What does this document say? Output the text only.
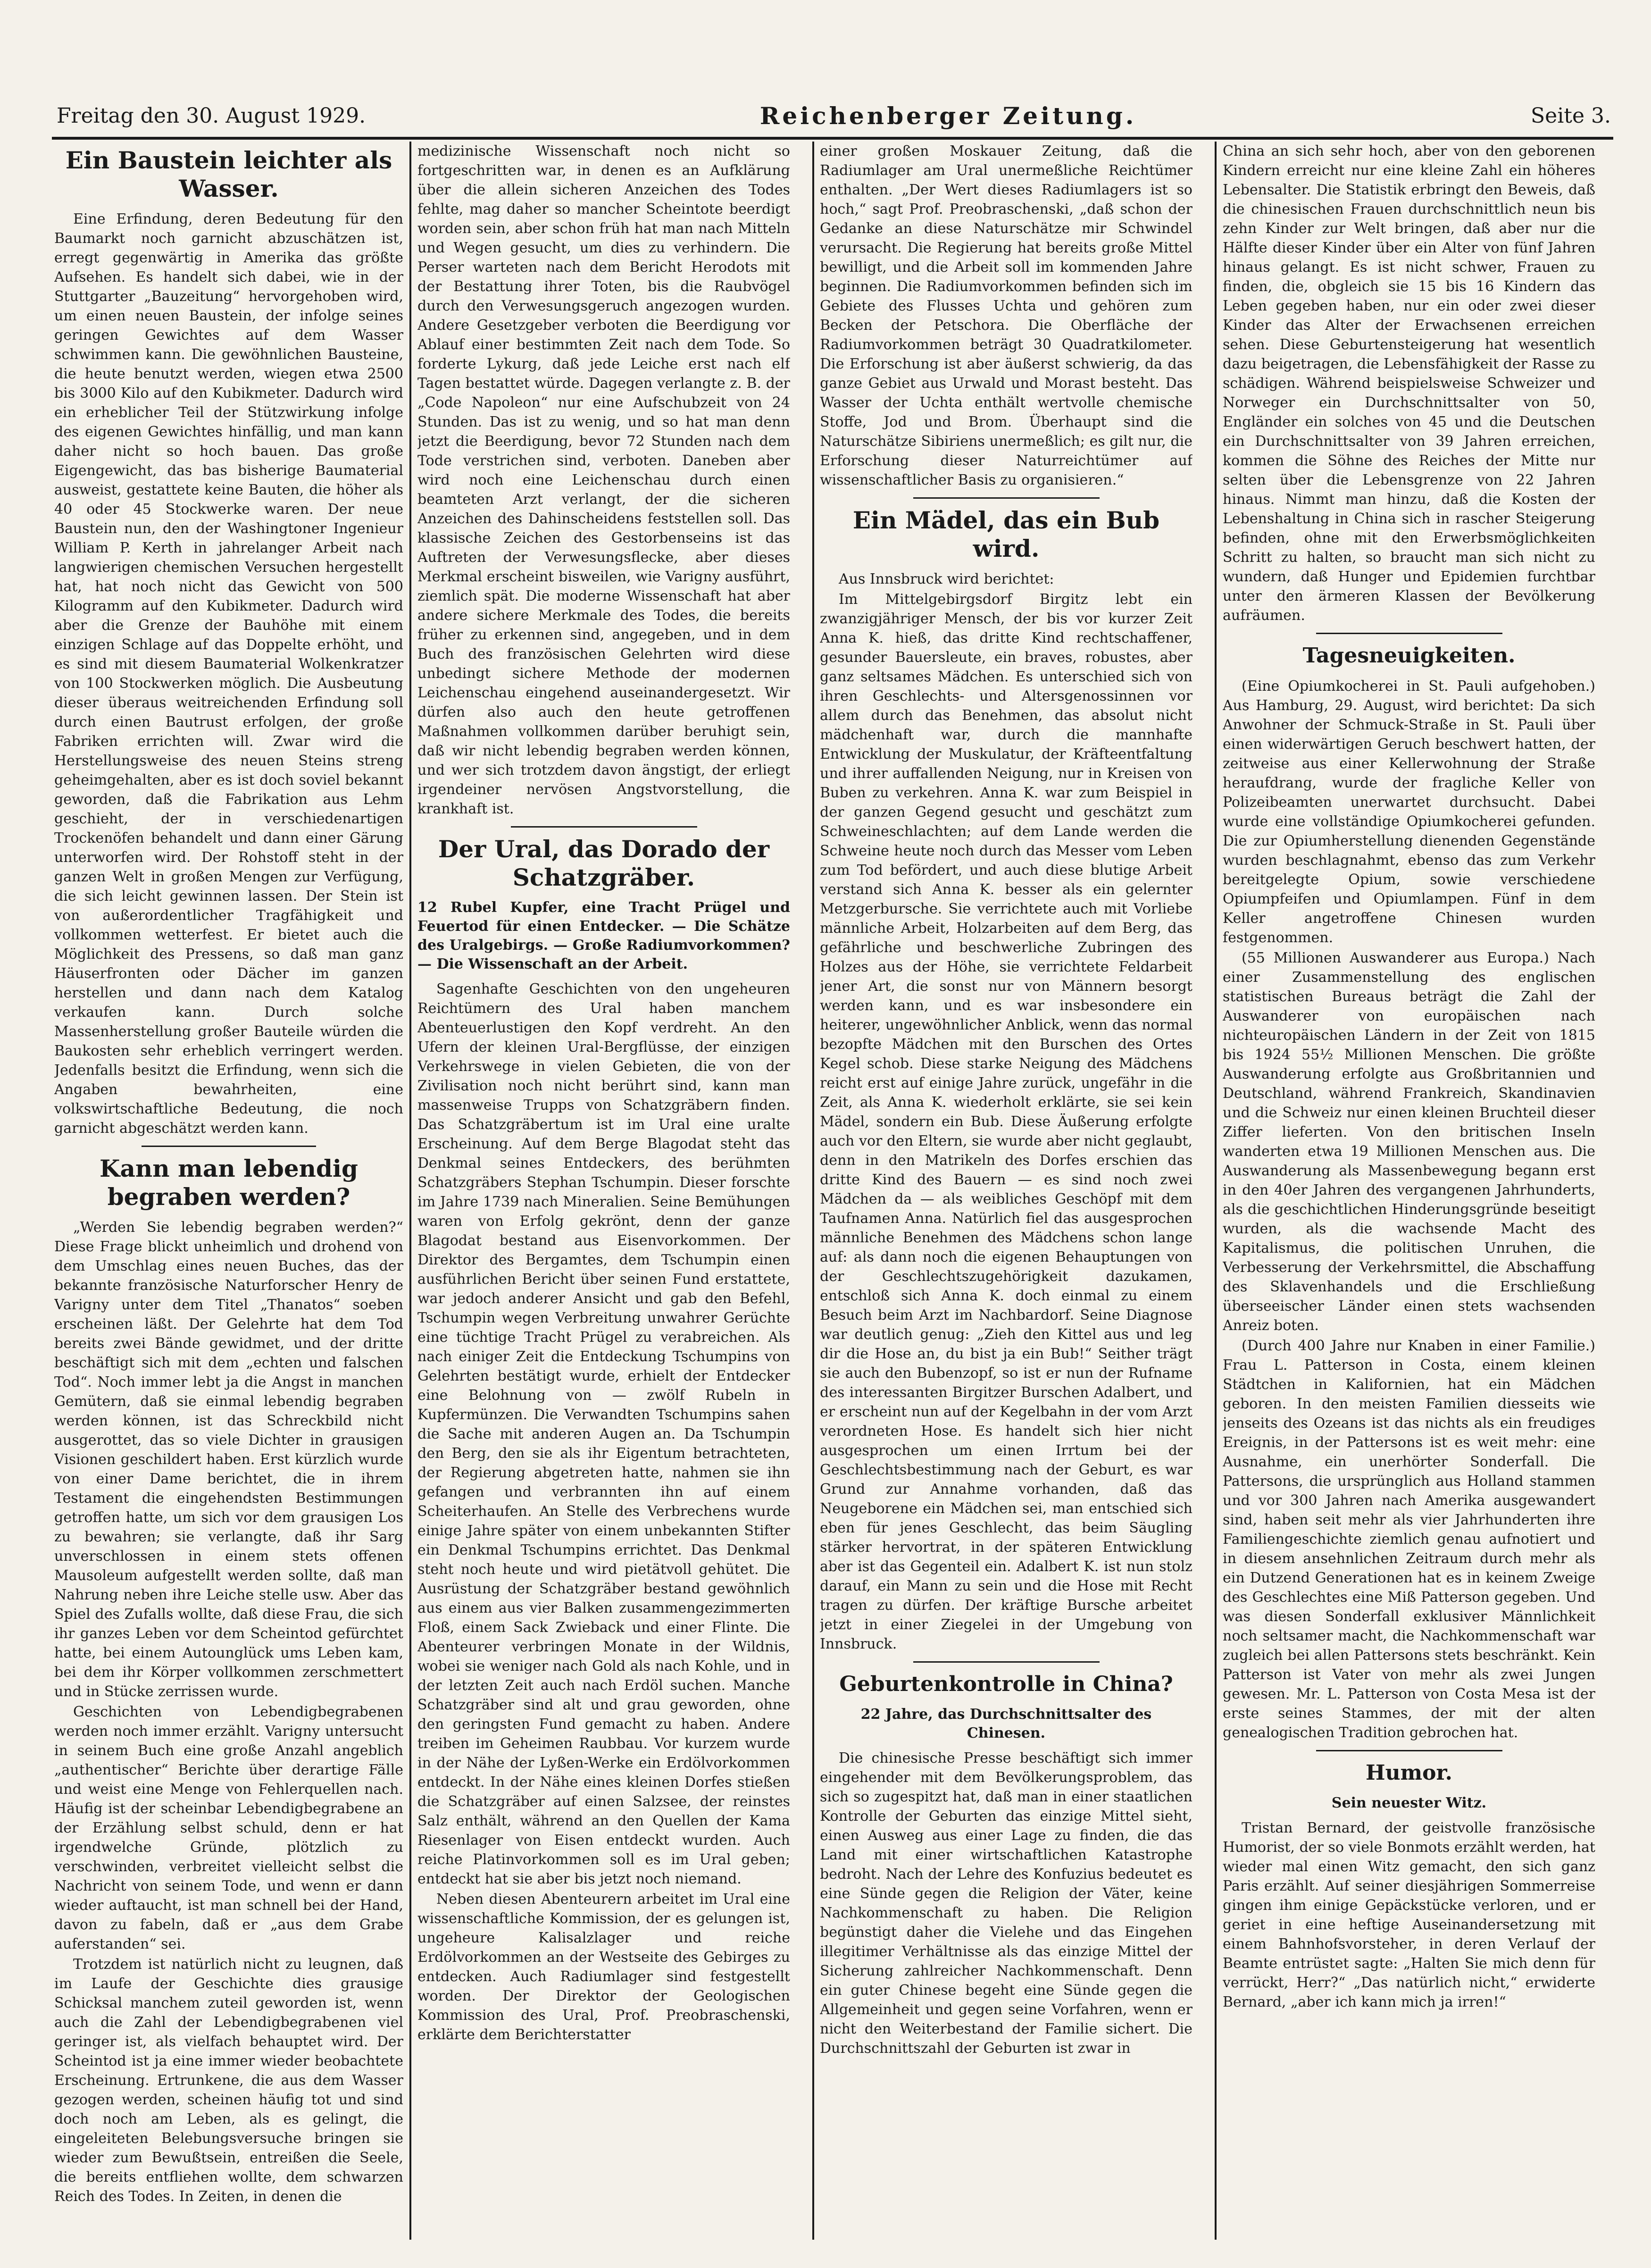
Freitag den 30. August 1929.	Reichenberger Zeitung.	Seite 3.
Ein Baustein leichter als Wasser.

Eine Erfindung, deren Bedeutung für den Baumarkt noch garnicht abzuschätzen ist, erregt gegenwärtig in Amerika das größte Aufsehen. Es handelt sich dabei, wie in der Stuttgarter „Bauzeitung“ hervorgehoben wird, um einen neuen Baustein, der infolge seines geringen Gewichtes auf dem Wasser schwimmen kann. Die gewöhnlichen Bausteine, die heute benutzt werden, wiegen etwa 2500 bis 3000 Kilo auf den Kubikmeter. Dadurch wird ein erheblicher Teil der Stützwirkung infolge des eigenen Gewichtes hinfällig, und man kann daher nicht so hoch bauen. Das große Eigengewicht, das bas bisherige Baumaterial ausweist, gestattete keine Bauten, die höher als 40 oder 45 Stockwerke waren. Der neue Baustein nun, den der Washingtoner Ingenieur William P. Kerth in jahrelanger Arbeit nach langwierigen chemischen Versuchen hergestellt hat, hat noch nicht das Gewicht von 500 Kilogramm auf den Kubikmeter. Dadurch wird aber die Grenze der Bauhöhe mit einem einzigen Schlage auf das Doppelte erhöht, und es sind mit diesem Baumaterial Wolkenkratzer von 100 Stockwerken möglich. Die Ausbeutung dieser überaus weitreichenden Erfindung soll durch einen Bautrust erfolgen, der große Fabriken errichten will. Zwar wird die Herstellungsweise des neuen Steins streng geheimgehalten, aber es ist doch soviel bekannt geworden, daß die Fabrikation aus Lehm geschieht, der in verschiedenartigen Trockenöfen behandelt und dann einer Gärung unterworfen wird. Der Rohstoff steht in der ganzen Welt in großen Mengen zur Verfügung, die sich leicht gewinnen lassen. Der Stein ist von außerordentlicher Tragfähigkeit und vollkommen wetterfest. Er bietet auch die Möglichkeit des Pressens, so daß man ganz Häuserfronten oder Dächer im ganzen herstellen und dann nach dem Katalog verkaufen kann. Durch solche Massenherstellung großer Bauteile würden die Baukosten sehr erheblich verringert werden. Jedenfalls besitzt die Erfindung, wenn sich die Angaben bewahrheiten, eine volkswirtschaftliche Bedeutung, die noch garnicht abgeschätzt werden kann.

Kann man lebendig begraben werden?

„Werden Sie lebendig begraben werden?“ Diese Frage blickt unheimlich und drohend von dem Umschlag eines neuen Buches, das der bekannte französische Naturforscher Henry de Varigny unter dem Titel „Thanatos“ soeben erscheinen läßt. Der Gelehrte hat dem Tod bereits zwei Bände gewidmet, und der dritte beschäftigt sich mit dem „echten und falschen Tod“. Noch immer lebt ja die Angst in manchen Gemütern, daß sie einmal lebendig begraben werden können, ist das Schreckbild nicht ausgerottet, das so viele Dichter in grausigen Visionen geschildert haben. Erst kürzlich wurde von einer Dame berichtet, die in ihrem Testament die eingehendsten Bestimmungen getroffen hatte, um sich vor dem grausigen Los zu bewahren; sie verlangte, daß ihr Sarg unverschlossen in einem stets offenen Mausoleum aufgestellt werden sollte, daß man Nahrung neben ihre Leiche stelle usw. Aber das Spiel des Zufalls wollte, daß diese Frau, die sich ihr ganzes Leben vor dem Scheintod gefürchtet hatte, bei einem Autounglück ums Leben kam, bei dem ihr Körper vollkommen zerschmettert und in Stücke zerrissen wurde.

Geschichten von Lebendigbegrabenen werden noch immer erzählt. Varigny untersucht in seinem Buch eine große Anzahl angeblich „authentischer“ Berichte über derartige Fälle und weist eine Menge von Fehlerquellen nach. Häufig ist der scheinbar Lebendigbegrabene an der Erzählung selbst schuld, denn er hat irgendwelche Gründe, plötzlich zu verschwinden, verbreitet vielleicht selbst die Nachricht von seinem Tode, und wenn er dann wieder auftaucht, ist man schnell bei der Hand, davon zu fabeln, daß er „aus dem Grabe auferstanden“ sei.

Trotzdem ist natürlich nicht zu leugnen, daß im Laufe der Geschichte dies grausige Schicksal manchem zuteil geworden ist, wenn auch die Zahl der Lebendigbegrabenen viel geringer ist, als vielfach behauptet wird. Der Scheintod ist ja eine immer wieder beobachtete Erscheinung. Ertrunkene, die aus dem Wasser gezogen werden, scheinen häufig tot und sind doch noch am Leben, als es gelingt, die eingeleiteten Belebungsversuche bringen sie wieder zum Bewußtsein, entreißen die Seele, die bereits entfliehen wollte, dem schwarzen Reich des Todes. In Zeiten, in denen die

medizinische Wissenschaft noch nicht so fortgeschritten war, in denen es an Aufklärung über die allein sicheren Anzeichen des Todes fehlte, mag daher so mancher Scheintote beerdigt worden sein, aber schon früh hat man nach Mitteln und Wegen gesucht, um dies zu verhindern. Die Perser warteten nach dem Bericht Herodots mit der Bestattung ihrer Toten, bis die Raubvögel durch den Verwesungsgeruch angezogen wurden. Andere Gesetzgeber verboten die Beerdigung vor Ablauf einer bestimmten Zeit nach dem Tode. So forderte Lykurg, daß jede Leiche erst nach elf Tagen bestattet würde. Dagegen verlangte z. B. der „Code Napoleon“ nur eine Aufschubzeit von 24 Stunden. Das ist zu wenig, und so hat man denn jetzt die Beerdigung, bevor 72 Stunden nach dem Tode verstrichen sind, verboten. Daneben aber wird noch eine Leichenschau durch einen beamteten Arzt verlangt, der die sicheren Anzeichen des Dahinscheidens feststellen soll. Das klassische Zeichen des Gestorbenseins ist das Auftreten der Verwesungsflecke, aber dieses Merkmal erscheint bisweilen, wie Varigny ausführt, ziemlich spät. Die moderne Wissenschaft hat aber andere sichere Merkmale des Todes, die bereits früher zu erkennen sind, angegeben, und in dem Buch des französischen Gelehrten wird diese unbedingt sichere Methode der modernen Leichenschau eingehend auseinandergesetzt. Wir dürfen also auch den heute getroffenen Maßnahmen vollkommen darüber beruhigt sein, daß wir nicht lebendig begraben werden können, und wer sich trotzdem davon ängstigt, der erliegt irgendeiner nervösen Angstvorstellung, die krankhaft ist.

Der Ural, das Dorado der Schatzgräber.
12 Rubel Kupfer, eine Tracht Prügel und Feuertod für einen Entdecker. — Die Schätze des Uralgebirgs. — Große Radiumvorkommen? — Die Wissenschaft an der Arbeit.

Sagenhafte Geschichten von den ungeheuren Reichtümern des Ural haben manchem Abenteuerlustigen den Kopf verdreht. An den Ufern der kleinen Ural-Bergflüsse, der einzigen Verkehrswege in vielen Gebieten, die von der Zivilisation noch nicht berührt sind, kann man massenweise Trupps von Schatzgräbern finden. Das Schatzgräbertum ist im Ural eine uralte Erscheinung. Auf dem Berge Blagodat steht das Denkmal seines Entdeckers, des berühmten Schatzgräbers Stephan Tschumpin. Dieser forschte im Jahre 1739 nach Mineralien. Seine Bemühungen waren von Erfolg gekrönt, denn der ganze Blagodat bestand aus Eisenvorkommen. Der Direktor des Bergamtes, dem Tschumpin einen ausführlichen Bericht über seinen Fund erstattete, war jedoch anderer Ansicht und gab den Befehl, Tschumpin wegen Verbreitung unwahrer Gerüchte eine tüchtige Tracht Prügel zu verabreichen. Als nach einiger Zeit die Entdeckung Tschumpins von Gelehrten bestätigt wurde, erhielt der Entdecker eine Belohnung von — zwölf Rubeln in Kupfermünzen. Die Verwandten Tschumpins sahen die Sache mit anderen Augen an. Da Tschumpin den Berg, den sie als ihr Eigentum betrachteten, der Regierung abgetreten hatte, nahmen sie ihn gefangen und verbrannten ihn auf einem Scheiterhaufen. An Stelle des Verbrechens wurde einige Jahre später von einem unbekannten Stifter ein Denkmal Tschumpins errichtet. Das Denkmal steht noch heute und wird pietätvoll gehütet. Die Ausrüstung der Schatzgräber bestand gewöhnlich aus einem aus vier Balken zusammengezimmerten Floß, einem Sack Zwieback und einer Flinte. Die Abenteurer verbringen Monate in der Wildnis, wobei sie weniger nach Gold als nach Kohle, und in der letzten Zeit auch nach Erdöl suchen. Manche Schatzgräber sind alt und grau geworden, ohne den geringsten Fund gemacht zu haben. Andere treiben im Geheimen Raubbau. Vor kurzem wurde in der Nähe der Lyßen-Werke ein Erdölvorkommen entdeckt. In der Nähe eines kleinen Dorfes stießen die Schatzgräber auf einen Salzsee, der reinstes Salz enthält, während an den Quellen der Kama Riesenlager von Eisen entdeckt wurden. Auch reiche Platinvorkommen soll es im Ural geben; entdeckt hat sie aber bis jetzt noch niemand.

Neben diesen Abenteurern arbeitet im Ural eine wissenschaftliche Kommission, der es gelungen ist, ungeheure Kalisalzlager und reiche Erdölvorkommen an der Westseite des Gebirges zu entdecken. Auch Radiumlager sind festgestellt worden. Der Direktor der Geologischen Kommission des Ural, Prof. Preobraschenski, erklärte dem Berichterstatter

einer großen Moskauer Zeitung, daß die Radiumlager am Ural unermeßliche Reichtümer enthalten. „Der Wert dieses Radiumlagers ist so hoch,“ sagt Prof. Preobraschenski, „daß schon der Gedanke an diese Naturschätze mir Schwindel verursacht. Die Regierung hat bereits große Mittel bewilligt, und die Arbeit soll im kommenden Jahre beginnen. Die Radiumvorkommen befinden sich im Gebiete des Flusses Uchta und gehören zum Becken der Petschora. Die Oberfläche der Radiumvorkommen beträgt 30 Quadratkilometer. Die Erforschung ist aber äußerst schwierig, da das ganze Gebiet aus Urwald und Morast besteht. Das Wasser der Uchta enthält wertvolle chemische Stoffe, Jod und Brom. Überhaupt sind die Naturschätze Sibiriens unermeßlich; es gilt nur, die Erforschung dieser Naturreichtümer auf wissenschaftlicher Basis zu organisieren.“

Ein Mädel, das ein Bub wird.

Aus Innsbruck wird berichtet:

Im Mittelgebirgsdorf Birgitz lebt ein zwanzigjähriger Mensch, der bis vor kurzer Zeit Anna K. hieß, das dritte Kind rechtschaffener, gesunder Bauersleute, ein braves, robustes, aber ganz seltsames Mädchen. Es unterschied sich von ihren Geschlechts- und Altersgenossinnen vor allem durch das Benehmen, das absolut nicht mädchenhaft war, durch die mannhafte Entwicklung der Muskulatur, der Kräfteentfaltung und ihrer auffallenden Neigung, nur in Kreisen von Buben zu verkehren. Anna K. war zum Beispiel in der ganzen Gegend gesucht und geschätzt zum Schweineschlachten; auf dem Lande werden die Schweine heute noch durch das Messer vom Leben zum Tod befördert, und auch diese blutige Arbeit verstand sich Anna K. besser als ein gelernter Metzgerbursche. Sie verrichtete auch mit Vorliebe männliche Arbeit, Holzarbeiten auf dem Berg, das gefährliche und beschwerliche Zubringen des Holzes aus der Höhe, sie verrichtete Feldarbeit jener Art, die sonst nur von Männern besorgt werden kann, und es war insbesondere ein heiterer, ungewöhnlicher Anblick, wenn das normal bezopfte Mädchen mit den Burschen des Ortes Kegel schob. Diese starke Neigung des Mädchens reicht erst auf einige Jahre zurück, ungefähr in die Zeit, als Anna K. wiederholt erklärte, sie sei kein Mädel, sondern ein Bub. Diese Äußerung erfolgte auch vor den Eltern, sie wurde aber nicht geglaubt, denn in den Matrikeln des Dorfes erschien das dritte Kind des Bauern — es sind noch zwei Mädchen da — als weibliches Geschöpf mit dem Taufnamen Anna. Natürlich fiel das ausgesprochen männliche Benehmen des Mädchens schon lange auf: als dann noch die eigenen Behauptungen von der Geschlechtszugehörigkeit dazukamen, entschloß sich Anna K. doch einmal zu einem Besuch beim Arzt im Nachbardorf. Seine Diagnose war deutlich genug: „Zieh den Kittel aus und leg dir die Hose an, du bist ja ein Bub!“ Seither trägt sie auch den Bubenzopf, so ist er nun der Rufname des interessanten Birgitzer Burschen Adalbert, und er erscheint nun auf der Kegelbahn in der vom Arzt verordneten Hose. Es handelt sich hier nicht ausgesprochen um einen Irrtum bei der Geschlechtsbestimmung nach der Geburt, es war Grund zur Annahme vorhanden, daß das Neugeborene ein Mädchen sei, man entschied sich eben für jenes Geschlecht, das beim Säugling stärker hervortrat, in der späteren Entwicklung aber ist das Gegenteil ein. Adalbert K. ist nun stolz darauf, ein Mann zu sein und die Hose mit Recht tragen zu dürfen. Der kräftige Bursche arbeitet jetzt in einer Ziegelei in der Umgebung von Innsbruck.

Geburtenkontrolle in China?
22 Jahre, das Durchschnittsalter des Chinesen.

Die chinesische Presse beschäftigt sich immer eingehender mit dem Bevölkerungsproblem, das sich so zugespitzt hat, daß man in einer staatlichen Kontrolle der Geburten das einzige Mittel sieht, einen Ausweg aus einer Lage zu finden, die das Land mit einer wirtschaftlichen Katastrophe bedroht. Nach der Lehre des Konfuzius bedeutet es eine Sünde gegen die Religion der Väter, keine Nachkommenschaft zu haben. Die Religion begünstigt daher die Vielehe und das Eingehen illegitimer Verhältnisse als das einzige Mittel der Sicherung zahlreicher Nachkommenschaft. Denn ein guter Chinese begeht eine Sünde gegen die Allgemeinheit und gegen seine Vorfahren, wenn er nicht den Weiterbestand der Familie sichert. Die Durchschnittszahl der Geburten ist zwar in

China an sich sehr hoch, aber von den geborenen Kindern erreicht nur eine kleine Zahl ein höheres Lebensalter. Die Statistik erbringt den Beweis, daß die chinesischen Frauen durchschnittlich neun bis zehn Kinder zur Welt bringen, daß aber nur die Hälfte dieser Kinder über ein Alter von fünf Jahren hinaus gelangt. Es ist nicht schwer, Frauen zu finden, die, obgleich sie 15 bis 16 Kindern das Leben gegeben haben, nur ein oder zwei dieser Kinder das Alter der Erwachsenen erreichen sehen. Diese Geburtensteigerung hat wesentlich dazu beigetragen, die Lebensfähigkeit der Rasse zu schädigen. Während beispielsweise Schweizer und Norweger ein Durchschnittsalter von 50, Engländer ein solches von 45 und die Deutschen ein Durchschnittsalter von 39 Jahren erreichen, kommen die Söhne des Reiches der Mitte nur selten über die Lebensgrenze von 22 Jahren hinaus. Nimmt man hinzu, daß die Kosten der Lebenshaltung in China sich in rascher Steigerung befinden, ohne mit den Erwerbsmöglichkeiten Schritt zu halten, so braucht man sich nicht zu wundern, daß Hunger und Epidemien furchtbar unter den ärmeren Klassen der Bevölkerung aufräumen.

Tagesneuigkeiten.

(Eine Opiumkocherei in St. Pauli aufgehoben.) Aus Hamburg, 29. August, wird berichtet: Da sich Anwohner der Schmuck-Straße in St. Pauli über einen widerwärtigen Geruch beschwert hatten, der zeitweise aus einer Kellerwohnung der Straße heraufdrang, wurde der fragliche Keller von Polizeibeamten unerwartet durchsucht. Dabei wurde eine vollständige Opiumkocherei gefunden. Die zur Opiumherstellung dienenden Gegenstände wurden beschlagnahmt, ebenso das zum Verkehr bereitgelegte Opium, sowie verschiedene Opiumpfeifen und Opiumlampen. Fünf in dem Keller angetroffene Chinesen wurden festgenommen.

(55 Millionen Auswanderer aus Europa.) Nach einer Zusammenstellung des englischen statistischen Bureaus beträgt die Zahl der Auswanderer von europäischen nach nichteuropäischen Ländern in der Zeit von 1815 bis 1924 55½ Millionen Menschen. Die größte Auswanderung erfolgte aus Großbritannien und Deutschland, während Frankreich, Skandinavien und die Schweiz nur einen kleinen Bruchteil dieser Ziffer lieferten. Von den britischen Inseln wanderten etwa 19 Millionen Menschen aus. Die Auswanderung als Massenbewegung begann erst in den 40er Jahren des vergangenen Jahrhunderts, als die geschichtlichen Hinderungsgründe beseitigt wurden, als die wachsende Macht des Kapitalismus, die politischen Unruhen, die Verbesserung der Verkehrsmittel, die Abschaffung des Sklavenhandels und die Erschließung überseeischer Länder einen stets wachsenden Anreiz boten.

(Durch 400 Jahre nur Knaben in einer Familie.) Frau L. Patterson in Costa, einem kleinen Städtchen in Kalifornien, hat ein Mädchen geboren. In den meisten Familien diesseits wie jenseits des Ozeans ist das nichts als ein freudiges Ereignis, in der Pattersons ist es weit mehr: eine Ausnahme, ein unerhörter Sonderfall. Die Pattersons, die ursprünglich aus Holland stammen und vor 300 Jahren nach Amerika ausgewandert sind, haben seit mehr als vier Jahrhunderten ihre Familiengeschichte ziemlich genau aufnotiert und in diesem ansehnlichen Zeitraum durch mehr als ein Dutzend Generationen hat es in keinem Zweige des Geschlechtes eine Miß Patterson gegeben. Und was diesen Sonderfall exklusiver Männlichkeit noch seltsamer macht, die Nachkommenschaft war zugleich bei allen Pattersons stets beschränkt. Kein Patterson ist Vater von mehr als zwei Jungen gewesen. Mr. L. Patterson von Costa Mesa ist der erste seines Stammes, der mit der alten genealogischen Tradition gebrochen hat.

Humor.
Sein neuester Witz.

Tristan Bernard, der geistvolle französische Humorist, der so viele Bonmots erzählt werden, hat wieder mal einen Witz gemacht, den sich ganz Paris erzählt. Auf seiner diesjährigen Sommerreise gingen ihm einige Gepäckstücke verloren, und er geriet in eine heftige Auseinandersetzung mit einem Bahnhofsvorsteher, in deren Verlauf der Beamte entrüstet sagte: „Halten Sie mich denn für verrückt, Herr?“ „Das natürlich nicht,“ erwiderte Bernard, „aber ich kann mich ja irren!“
